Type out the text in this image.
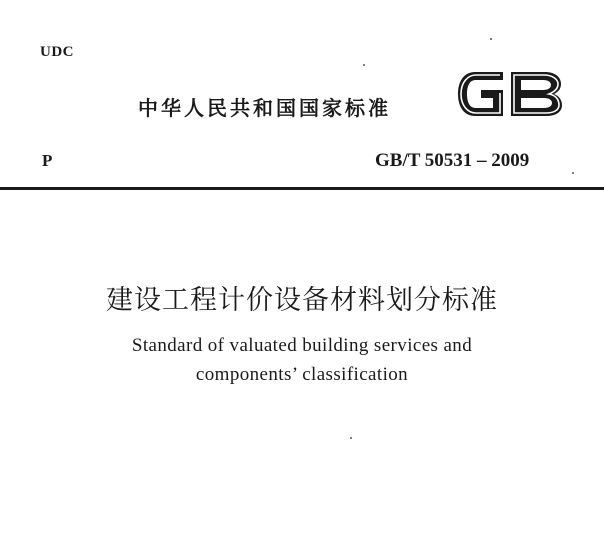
UDC
中华人民共和国国家标准
P	GB/T 50531 – 2009
建设工程计价设备材料划分标准
Standard of valuated building services and
components’ classification
